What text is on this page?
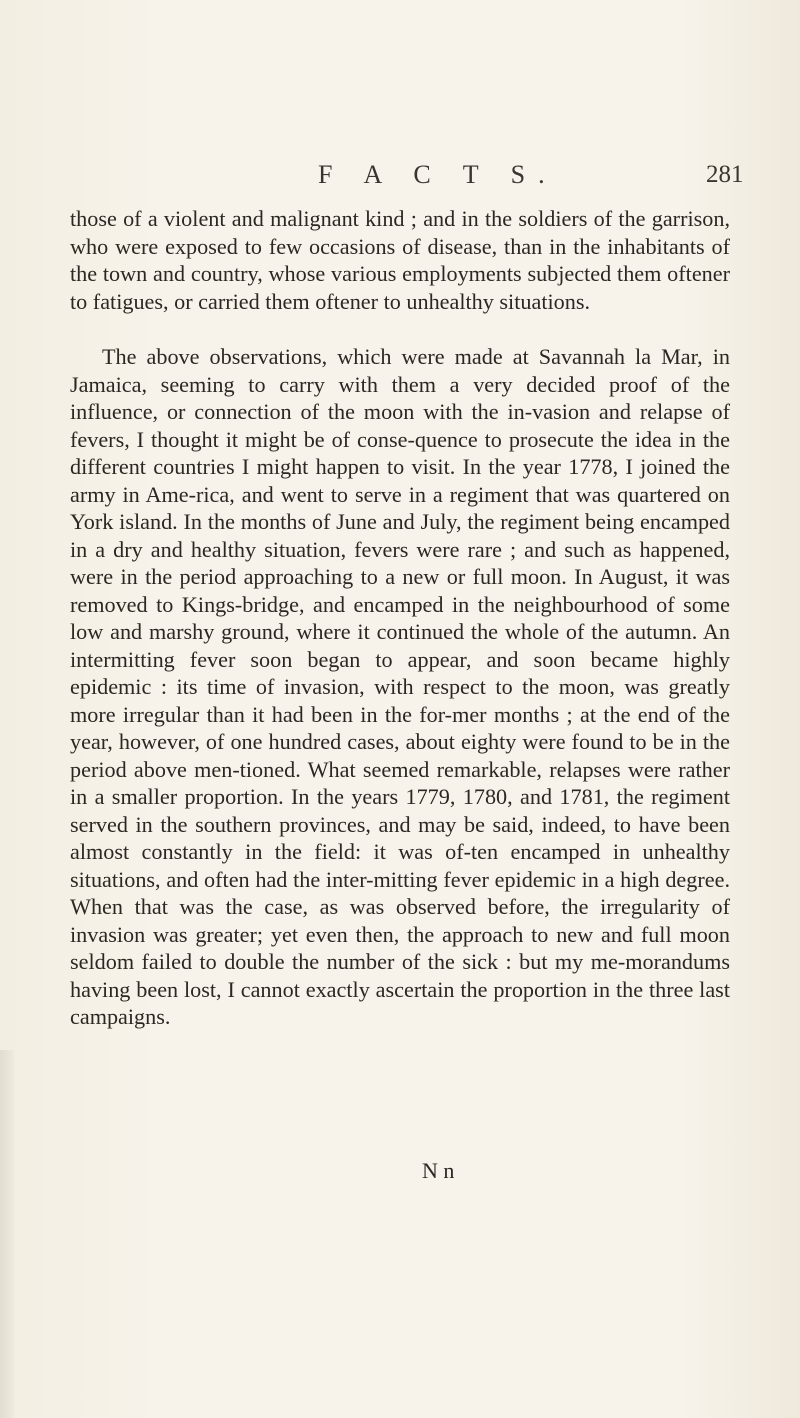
F A C T S.	281

those of a violent and malignant kind ; and in the soldiers of the garrison, who were exposed to few occasions of disease, than in the inhabitants of the town and country, whose various employments subjected them oftener to fatigues, or carried them oftener to unhealthy situations.

The above observations, which were made at Savannah la Mar, in Jamaica, seeming to carry with them a very decided proof of the influence, or connection of the moon with the in-vasion and relapse of fevers, I thought it might be of conse-quence to prosecute the idea in the different countries I might happen to visit. In the year 1778, I joined the army in Ame-rica, and went to serve in a regiment that was quartered on York island. In the months of June and July, the regiment being encamped in a dry and healthy situation, fevers were rare ; and such as happened, were in the period approaching to a new or full moon. In August, it was removed to Kings-bridge, and encamped in the neighbourhood of some low and marshy ground, where it continued the whole of the autumn. An intermitting fever soon began to appear, and soon became highly epidemic : its time of invasion, with respect to the moon, was greatly more irregular than it had been in the for-mer months ; at the end of the year, however, of one hundred cases, about eighty were found to be in the period above men-tioned. What seemed remarkable, relapses were rather in a smaller proportion. In the years 1779, 1780, and 1781, the regiment served in the southern provinces, and may be said, indeed, to have been almost constantly in the field: it was of-ten encamped in unhealthy situations, and often had the inter-mitting fever epidemic in a high degree. When that was the case, as was observed before, the irregularity of invasion was greater; yet even then, the approach to new and full moon seldom failed to double the number of the sick : but my me-morandums having been lost, I cannot exactly ascertain the proportion in the three last campaigns.

N n
